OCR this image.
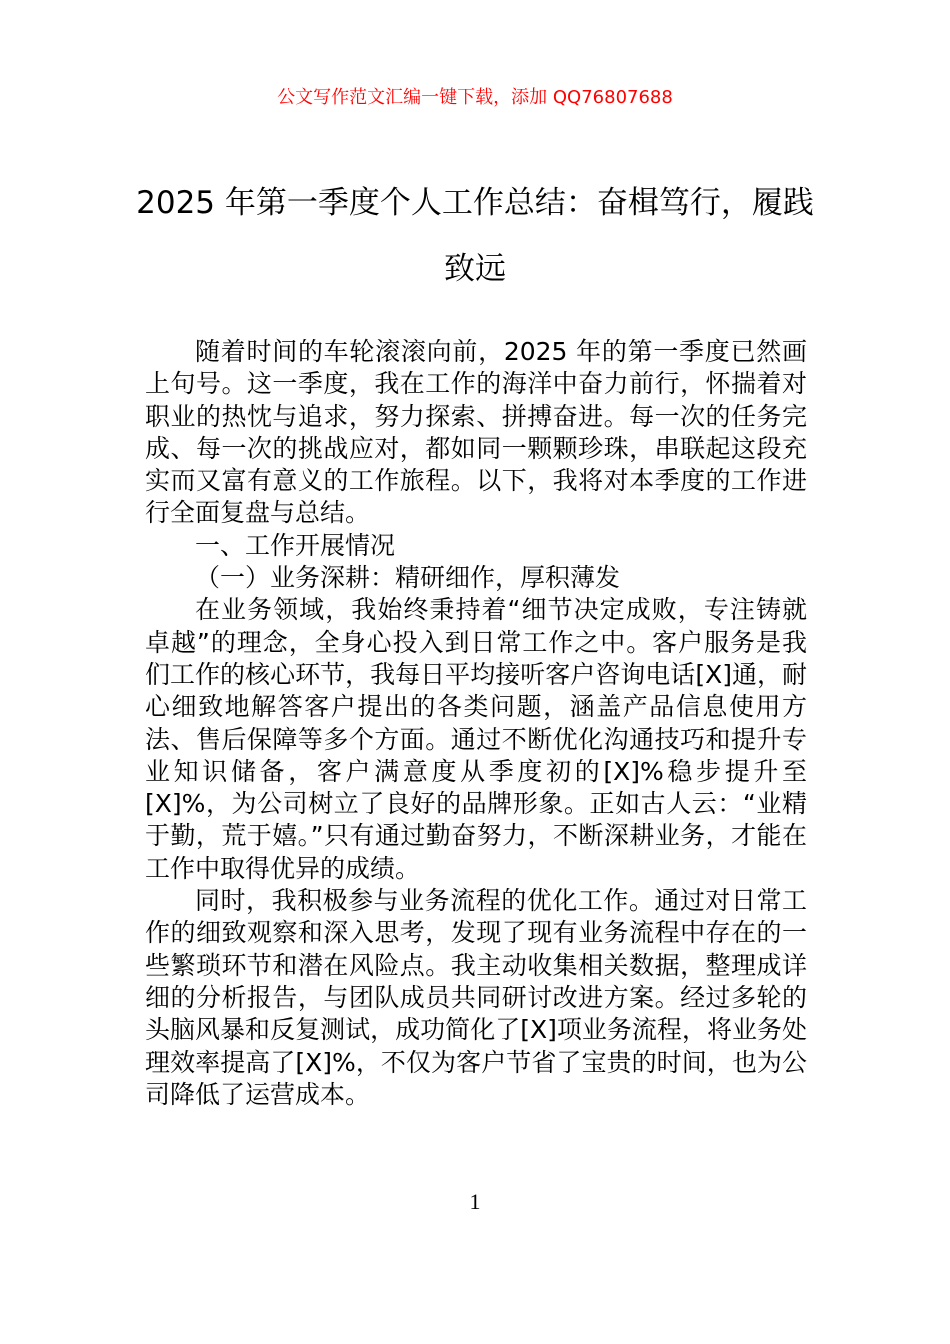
公文写作范文汇编一键下载，添加 QQ76807688
2025 年第一季度个人工作总结：奋楫笃行，履践致远

随着时间的车轮滚滚向前，2025 年的第一季度已然画上句号。这一季度，我在工作的海洋中奋力前行，怀揣着对职业的热忱与追求，努力探索、拼搏奋进。每一次的任务完成、每一次的挑战应对，都如同一颗颗珍珠，串联起这段充实而又富有意义的工作旅程。以下，我将对本季度的工作进行全面复盘与总结。

一、工作开展情况

（一）业务深耕：精研细作，厚积薄发

在业务领域，我始终秉持着“细节决定成败，专注铸就卓越”的理念，全身心投入到日常工作之中。客户服务是我们工作的核心环节，我每日平均接听客户咨询电话[X]通，耐心细致地解答客户提出的各类问题，涵盖产品信息使用方法、售后保障等多个方面。通过不断优化沟通技巧和提升专业知识储备，客户满意度从季度初的[X]%稳步提升至[X]%，为公司树立了良好的品牌形象。正如古人云：“业精于勤，荒于嬉。”只有通过勤奋努力，不断深耕业务，才能在工作中取得优异的成绩。

同时，我积极参与业务流程的优化工作。通过对日常工作的细致观察和深入思考，发现了现有业务流程中存在的一些繁琐环节和潜在风险点。我主动收集相关数据，整理成详细的分析报告，与团队成员共同研讨改进方案。经过多轮的头脑风暴和反复测试，成功简化了[X]项业务流程，将业务处理效率提高了[X]%，不仅为客户节省了宝贵的时间，也为公司降低了运营成本。

1
